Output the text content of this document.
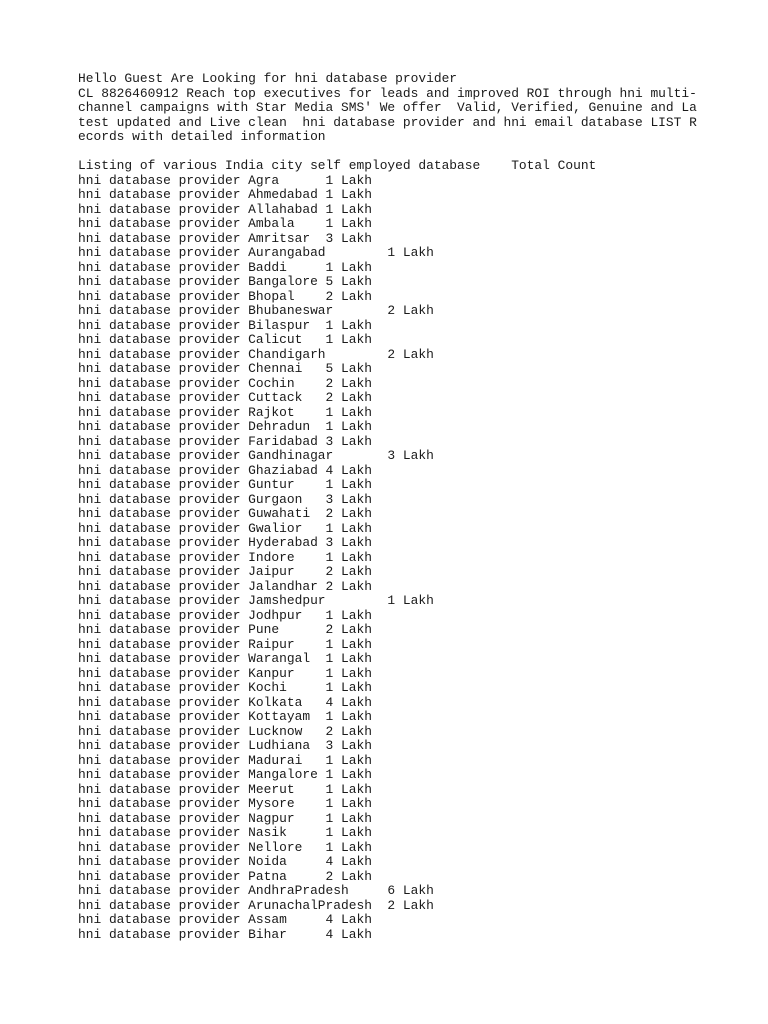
Hello Guest Are Looking for hni database provider
CL 8826460912 Reach top executives for leads and improved ROI through hni multi-
channel campaigns with Star Media SMS' We offer  Valid, Verified, Genuine and La
test updated and Live clean  hni database provider and hni email database LIST R
ecords with detailed information
Listing of various India city self employed database    Total Count
hni database provider Agra      1 Lakh
hni database provider Ahmedabad 1 Lakh
hni database provider Allahabad 1 Lakh
hni database provider Ambala    1 Lakh
hni database provider Amritsar  3 Lakh
hni database provider Aurangabad        1 Lakh
hni database provider Baddi     1 Lakh
hni database provider Bangalore 5 Lakh
hni database provider Bhopal    2 Lakh
hni database provider Bhubaneswar       2 Lakh
hni database provider Bilaspur  1 Lakh
hni database provider Calicut   1 Lakh
hni database provider Chandigarh        2 Lakh
hni database provider Chennai   5 Lakh
hni database provider Cochin    2 Lakh
hni database provider Cuttack   2 Lakh
hni database provider Rajkot    1 Lakh
hni database provider Dehradun  1 Lakh
hni database provider Faridabad 3 Lakh
hni database provider Gandhinagar       3 Lakh
hni database provider Ghaziabad 4 Lakh
hni database provider Guntur    1 Lakh
hni database provider Gurgaon   3 Lakh
hni database provider Guwahati  2 Lakh
hni database provider Gwalior   1 Lakh
hni database provider Hyderabad 3 Lakh
hni database provider Indore    1 Lakh
hni database provider Jaipur    2 Lakh
hni database provider Jalandhar 2 Lakh
hni database provider Jamshedpur        1 Lakh
hni database provider Jodhpur   1 Lakh
hni database provider Pune      2 Lakh
hni database provider Raipur    1 Lakh
hni database provider Warangal  1 Lakh
hni database provider Kanpur    1 Lakh
hni database provider Kochi     1 Lakh
hni database provider Kolkata   4 Lakh
hni database provider Kottayam  1 Lakh
hni database provider Lucknow   2 Lakh
hni database provider Ludhiana  3 Lakh
hni database provider Madurai   1 Lakh
hni database provider Mangalore 1 Lakh
hni database provider Meerut    1 Lakh
hni database provider Mysore    1 Lakh
hni database provider Nagpur    1 Lakh
hni database provider Nasik     1 Lakh
hni database provider Nellore   1 Lakh
hni database provider Noida     4 Lakh
hni database provider Patna     2 Lakh
hni database provider AndhraPradesh     6 Lakh
hni database provider ArunachalPradesh  2 Lakh
hni database provider Assam     4 Lakh
hni database provider Bihar     4 Lakh
